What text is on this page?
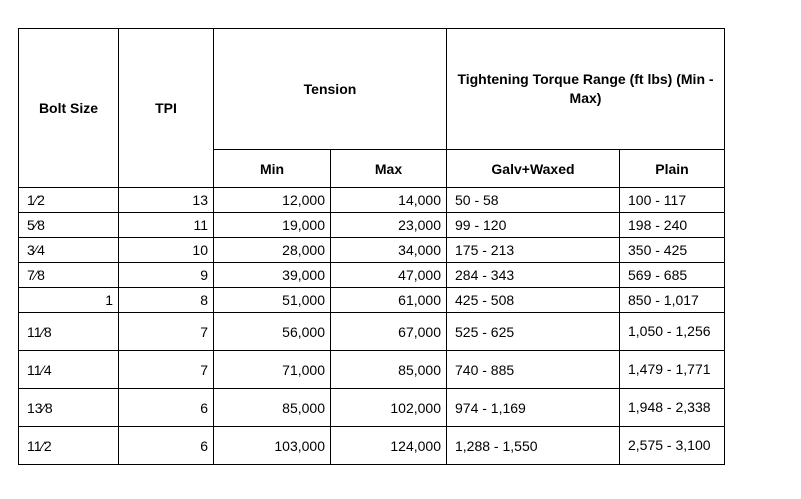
Bolt Size	TPI	Tension		Tightening Torque Range (ft lbs) (Min - Max)	
		Min	Max	Galv+Waxed	Plain
1⁄2	13	12,000	14,000	50 - 58	100 - 117
5⁄8	11	19,000	23,000	99 - 120	198 - 240
3⁄4	10	28,000	34,000	175 - 213	350 - 425
7⁄8	9	39,000	47,000	284 - 343	569 - 685
1	8	51,000	61,000	425 - 508	850 - 1,017
11⁄8	7	56,000	67,000	525 - 625	1,050 - 1,256
11⁄4	7	71,000	85,000	740 - 885	1,479 - 1,771
13⁄8	6	85,000	102,000	974 - 1,169	1,948 - 2,338
11⁄2	6	103,000	124,000	1,288 - 1,550	2,575 - 3,100
